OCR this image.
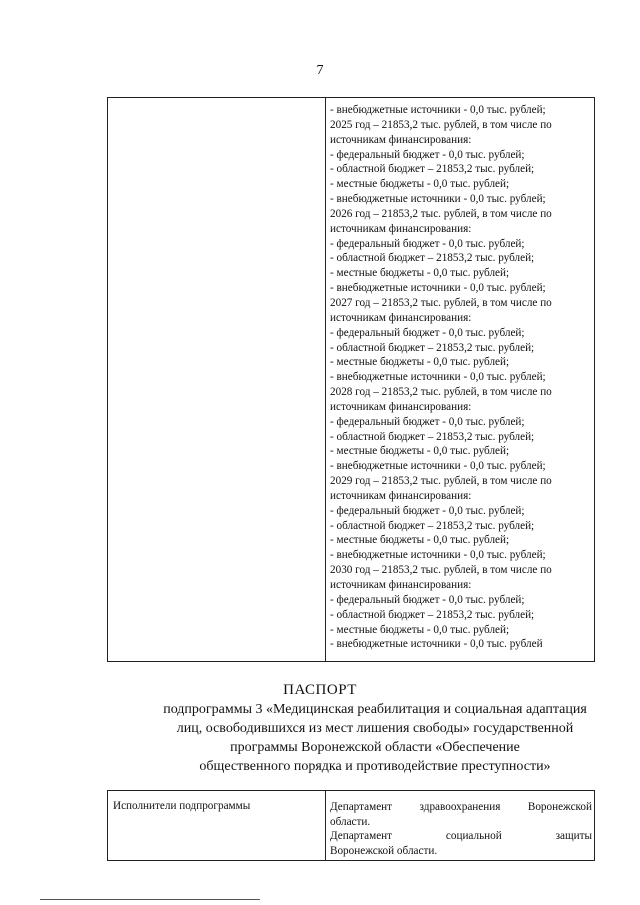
7
- внебюджетные источники - 0,0 тыс. рублей;
2025 год – 21853,2 тыс. рублей, в том числе по
источникам финансирования:
- федеральный бюджет - 0,0 тыс. рублей;
- областной бюджет – 21853,2 тыс. рублей;
- местные бюджеты - 0,0 тыс. рублей;
- внебюджетные источники - 0,0 тыс. рублей;
2026 год – 21853,2 тыс. рублей, в том числе по
источникам финансирования:
- федеральный бюджет - 0,0 тыс. рублей;
- областной бюджет – 21853,2 тыс. рублей;
- местные бюджеты - 0,0 тыс. рублей;
- внебюджетные источники - 0,0 тыс. рублей;
2027 год – 21853,2 тыс. рублей, в том числе по
источникам финансирования:
- федеральный бюджет - 0,0 тыс. рублей;
- областной бюджет – 21853,2 тыс. рублей;
- местные бюджеты - 0,0 тыс. рублей;
- внебюджетные источники - 0,0 тыс. рублей;
2028 год – 21853,2 тыс. рублей, в том числе по
источникам финансирования:
- федеральный бюджет - 0,0 тыс. рублей;
- областной бюджет – 21853,2 тыс. рублей;
- местные бюджеты - 0,0 тыс. рублей;
- внебюджетные источники - 0,0 тыс. рублей;
2029 год – 21853,2 тыс. рублей, в том числе по
источникам финансирования:
- федеральный бюджет - 0,0 тыс. рублей;
- областной бюджет – 21853,2 тыс. рублей;
- местные бюджеты - 0,0 тыс. рублей;
- внебюджетные источники - 0,0 тыс. рублей;
2030 год – 21853,2 тыс. рублей, в том числе по
источникам финансирования:
- федеральный бюджет - 0,0 тыс. рублей;
- областной бюджет – 21853,2 тыс. рублей;
- местные бюджеты - 0,0 тыс. рублей;
- внебюджетные источники - 0,0 тыс. рублей
ПАСПОРТ
подпрограммы 3 «Медицинская реабилитация и социальная адаптация
лиц, освободившихся из мест лишения свободы» государственной
программы Воронежской области «Обеспечение
общественного порядка и противодействие преступности»
Исполнители подпрограммы	Департамент здравоохранения Воронежской
области.
Департамент социальной защиты
Воронежской области.
